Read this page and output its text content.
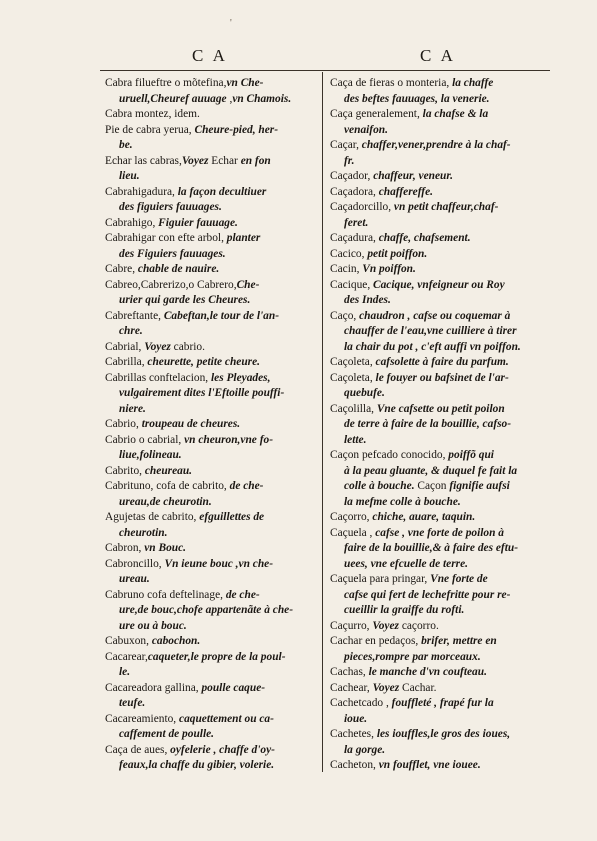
C A	C A
'
Cabra filueftre o mõtefina,vn Che-
uruell,Cheuref auuage ,vn Chamois.
Cabra montez, idem.
Pie de cabra yerua, Cheure-pied, her-
be.
Echar las cabras,Voyez Echar en fon
lieu.
Cabrahigadura, la façon decultiuer
des figuiers fauuages.
Cabrahigo, Figuier fauuage.
Cabrahigar con efte arbol, planter
des Figuiers fauuages.
Cabre, chable de nauire.
Cabreo,Cabrerizo,o Cabrero,Che-
urier qui garde les Cheures.
Cabreftante, Cabeftan,le tour de l'an-
chre.
Cabrial, Voyez cabrio.
Cabrilla, cheurette, petite cheure.
Cabrillas conftelacion, les Pleyades,
vulgairement dites l'Eftoille pouffi-
niere.
Cabrio, troupeau de cheures.
Cabrio o cabrial, vn cheuron,vne fo-
liue,folineau.
Cabrito, cheureau.
Cabrituno, cofa de cabrito, de che-
ureau,de cheurotin.
Agujetas de cabrito, efguillettes de
cheurotin.
Cabron, vn Bouc.
Cabroncillo, Vn ieune bouc ,vn che-
ureau.
Cabruno cofa deftelinage, de che-
ure,de bouc,chofe appartenãte à che-
ure ou à bouc.
Cabuxon, cabochon.
Cacarear,caqueter,le propre de la poul-
le.
Cacareadora gallina, poulle caque-
teufe.
Cacareamiento, caquettement ou ca-
caffement de poulle.
Caça de aues, oyfelerie , chaffe d'oy-
feaux,la chaffe du gibier, volerie.
Caça de fieras o monteria, la chaffe
des beftes fauuages, la venerie.
Caça generalement, la chafse & la
venaifon.
Caçar, chaffer,vener,prendre à la chaf-
fr.
Caçador, chaffeur, veneur.
Caçadora, chaffereffe.
Caçadorcillo, vn petit chaffeur,chaf-
feret.
Caçadura, chaffe, chafsement.
Cacico, petit poiffon.
Cacin, Vn poiffon.
Cacique, Cacique, vnfeigneur ou Roy
des Indes.
Caço, chaudron , cafse ou coquemar à
chauffer de l'eau,vne cuilliere à tirer
la chair du pot , c'eft auffi vn poiffon.
Caçoleta, cafsolette à faire du parfum.
Caçoleta, le fouyer ou bafsinet de l'ar-
quebufe.
Caçolilla, Vne cafsette ou petit poilon
de terre à faire de la bouillie, cafso-
lette.
Caçon pefcado conocido, poiffõ qui
à la peau gluante, & duquel fe fait la
colle à bouche. Caçon fignifie aufsi
la mefme colle à bouche.
Caçorro, chiche, auare, taquin.
Caçuela , cafse , vne forte de poilon à
faire de la bouillie,& à faire des eftu-
uees, vne efcuelle de terre.
Caçuela para pringar, Vne forte de
cafse qui fert de lechefritte pour re-
cueillir la graiffe du rofti.
Caçurro, Voyez caçorro.
Cachar en pedaços, brifer, mettre en
pieces,rompre par morceaux.
Cachas, le manche d'vn coufteau.
Cachear, Voyez Cachar.
Cachetcado , fouffleté , frapé fur la
ioue.
Cachetes, les iouffles,le gros des ioues,
la gorge.
Cacheton, vn foufflet, vne iouee.
